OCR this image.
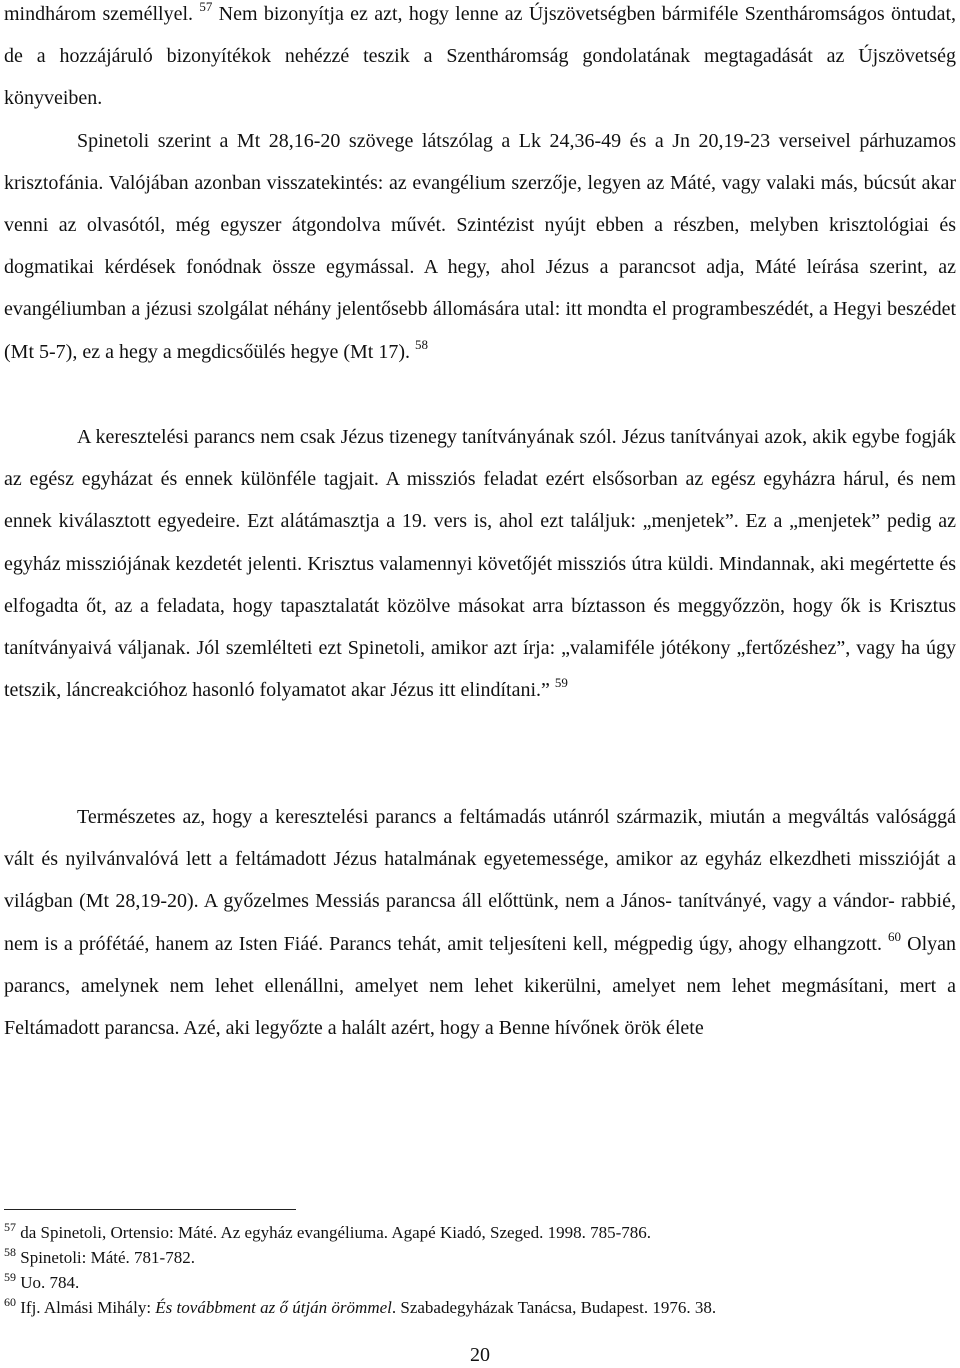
mindhárom személlyel. $^{57}$ Nem bizonyítja ez azt, hogy lenne az Újszövetségben bármiféle Szentháromságos öntudat, de a hozzájáruló bizonyítékok nehézzé teszik a Szentháromság gondolatának megtagadását az Újszövetség könyveiben.
Spinetoli szerint a Mt 28,16-20 szövege látszólag a Lk 24,36-49 és a Jn 20,19-23 verseivel párhuzamos krisztofánia. Valójában azonban visszatekintés: az evangélium szerzője, legyen az Máté, vagy valaki más, búcsút akar venni az olvasótól, még egyszer átgondolva művét. Szintézist nyújt ebben a részben, melyben krisztológiai és dogmatikai kérdések fonódnak össze egymással. A hegy, ahol Jézus a parancsot adja, Máté leírása szerint, az evangéliumban a jézusi szolgálat néhány jelentősebb állomására utal: itt mondta el programbeszédét, a Hegyi beszédet (Mt 5-7), ez a hegy a megdicsőülés hegye (Mt 17). $^{58}$

A keresztelési parancs nem csak Jézus tizenegy tanítványának szól. Jézus tanítványai azok, akik egybe fogják az egész egyházat és ennek különféle tagjait. A missziós feladat ezért elsősorban az egész egyházra hárul, és nem ennek kiválasztott egyedeire. Ezt alátámasztja a 19. vers is, ahol ezt találjuk: „menjetek”. Ez a „menjetek” pedig az egyház missziójának kezdetét jelenti. Krisztus valamennyi követőjét missziós útra küldi. Mindannak, aki megértette és elfogadta őt, az a feladata, hogy tapasztalatát közölve másokat arra bíztasson és meggyőzzön, hogy ők is Krisztus tanítványaivá váljanak. Jól szemlélteti ezt Spinetoli, amikor azt írja: „valamiféle jótékony „fertőzéshez”, vagy ha úgy tetszik, láncreakcióhoz hasonló folyamatot akar Jézus itt elindítani.” $^{59}$

Természetes az, hogy a keresztelési parancs a feltámadás utánról származik, miután a megváltás valósággá vált és nyilvánvalóvá lett a feltámadott Jézus hatalmának egyetemessége, amikor az egyház elkezdheti misszióját a világban (Mt 28,19-20). A győzelmes Messiás parancsa áll előttünk, nem a János- tanítványé, vagy a vándor- rabbié, nem is a prófétáé, hanem az Isten Fiáé. Parancs tehát, amit teljesíteni kell, mégpedig úgy, ahogy elhangzott. $^{60}$ Olyan parancs, amelynek nem lehet ellenállni, amelyet nem lehet kikerülni, amelyet nem lehet megmásítani, mert a Feltámadott parancsa. Azé, aki legyőzte a halált azért, hogy a Benne hívőnek örök élete

$^{57}$ da Spinetoli, Ortensio: Máté. Az egyház evangéliuma. Agapé Kiadó, Szeged. 1998. 785-786.

$^{58}$ Spinetoli: Máté. 781-782.

$^{59}$ Uo. 784.

$^{60}$ Ifj. Almási Mihály: És továbbment az ő útján örömmel. Szabadegyházak Tanácsa, Budapest. 1976. 38.

20
